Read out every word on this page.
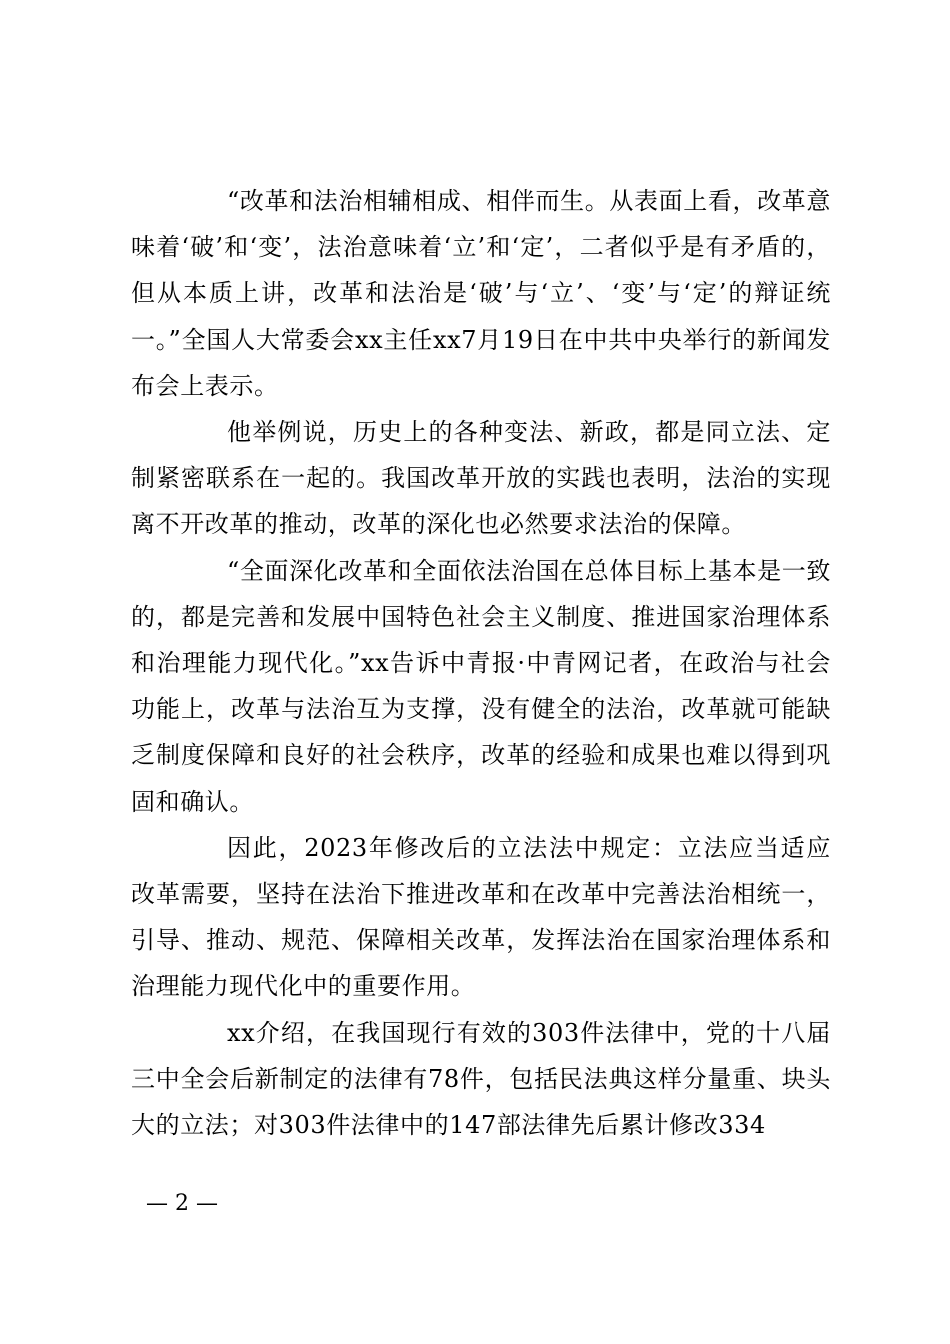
“改革和法治相辅相成、相伴而生。从表面上看，改革意味着‘破’和‘变’，法治意味着‘立’和‘定’，二者似乎是有矛盾的，但从本质上讲，改革和法治是‘破’与‘立’、‘变’与‘定’的辩证统一。”全国人大常委会xx主任xx7月19日在中共中央举行的新闻发布会上表示。

他举例说，历史上的各种变法、新政，都是同立法、定制紧密联系在一起的。我国改革开放的实践也表明，法治的实现离不开改革的推动，改革的深化也必然要求法治的保障。

“全面深化改革和全面依法治国在总体目标上基本是一致的，都是完善和发展中国特色社会主义制度、推进国家治理体系和治理能力现代化。”xx告诉中青报·中青网记者，在政治与社会功能上，改革与法治互为支撑，没有健全的法治，改革就可能缺乏制度保障和良好的社会秩序，改革的经验和成果也难以得到巩固和确认。

因此，2023年修改后的立法法中规定：立法应当适应改革需要，坚持在法治下推进改革和在改革中完善法治相统一，引导、推动、规范、保障相关改革，发挥法治在国家治理体系和治理能力现代化中的重要作用。

xx介绍，在我国现行有效的303件法律中，党的十八届三中全会后新制定的法律有78件，包括民法典这样分量重、块头大的立法；对303件法律中的147部法律先后累计修改334

— 2 —
